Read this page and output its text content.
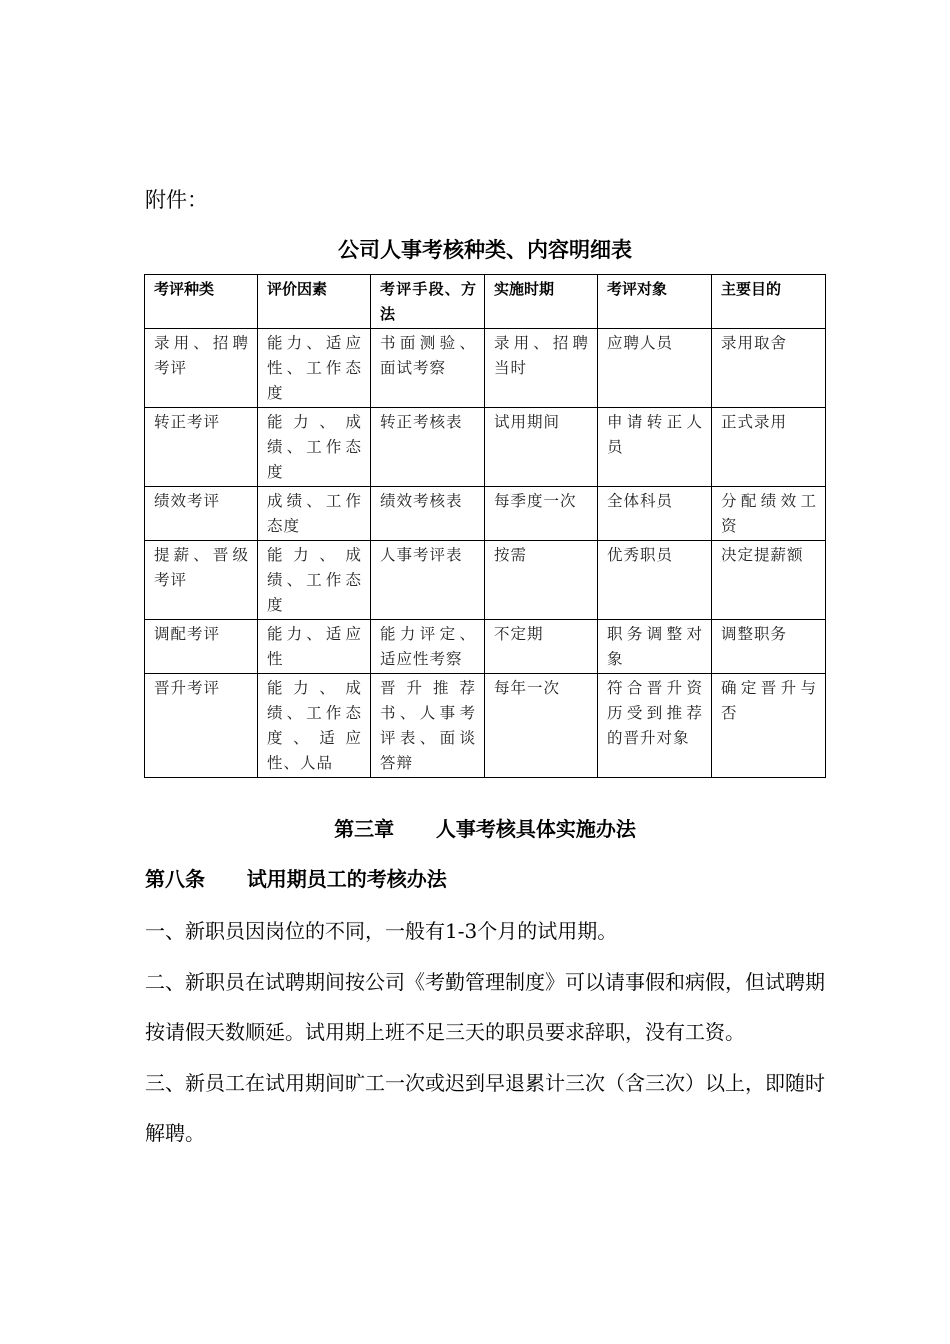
附件：
公司人事考核种类、内容明细表
考评种类	评价因素	考评手段、方法	实施时期	考评对象	主要目的
录用、招聘考评	能力、适应性、工作态度	书面测验、面试考察	录用、招聘当时	应聘人员	录用取舍
转正考评	能力、成绩、工作态度	转正考核表	试用期间	申请转正人员	正式录用
绩效考评	成绩、工作态度	绩效考核表	每季度一次	全体科员	分配绩效工资
提薪、晋级考评	能力、成绩、工作态度	人事考评表	按需	优秀职员	决定提薪额
调配考评	能力、适应性	能力评定、适应性考察	不定期	职务调整对象	调整职务
晋升考评	能力、成绩、工作态度、适应性、人品	晋升推荐书、人事考评表、面谈答辩	每年一次	符合晋升资历受到推荐的晋升对象	确定晋升与否
第三章      人事考核具体实施办法
第八条      试用期员工的考核办法

一、新职员因岗位的不同，一般有1-3个月的试用期。

二、新职员在试聘期间按公司《考勤管理制度》可以请事假和病假，但试聘期按请假天数顺延。试用期上班不足三天的职员要求辞职，没有工资。

三、新员工在试用期间旷工一次或迟到早退累计三次（含三次）以上，即随时解聘。
